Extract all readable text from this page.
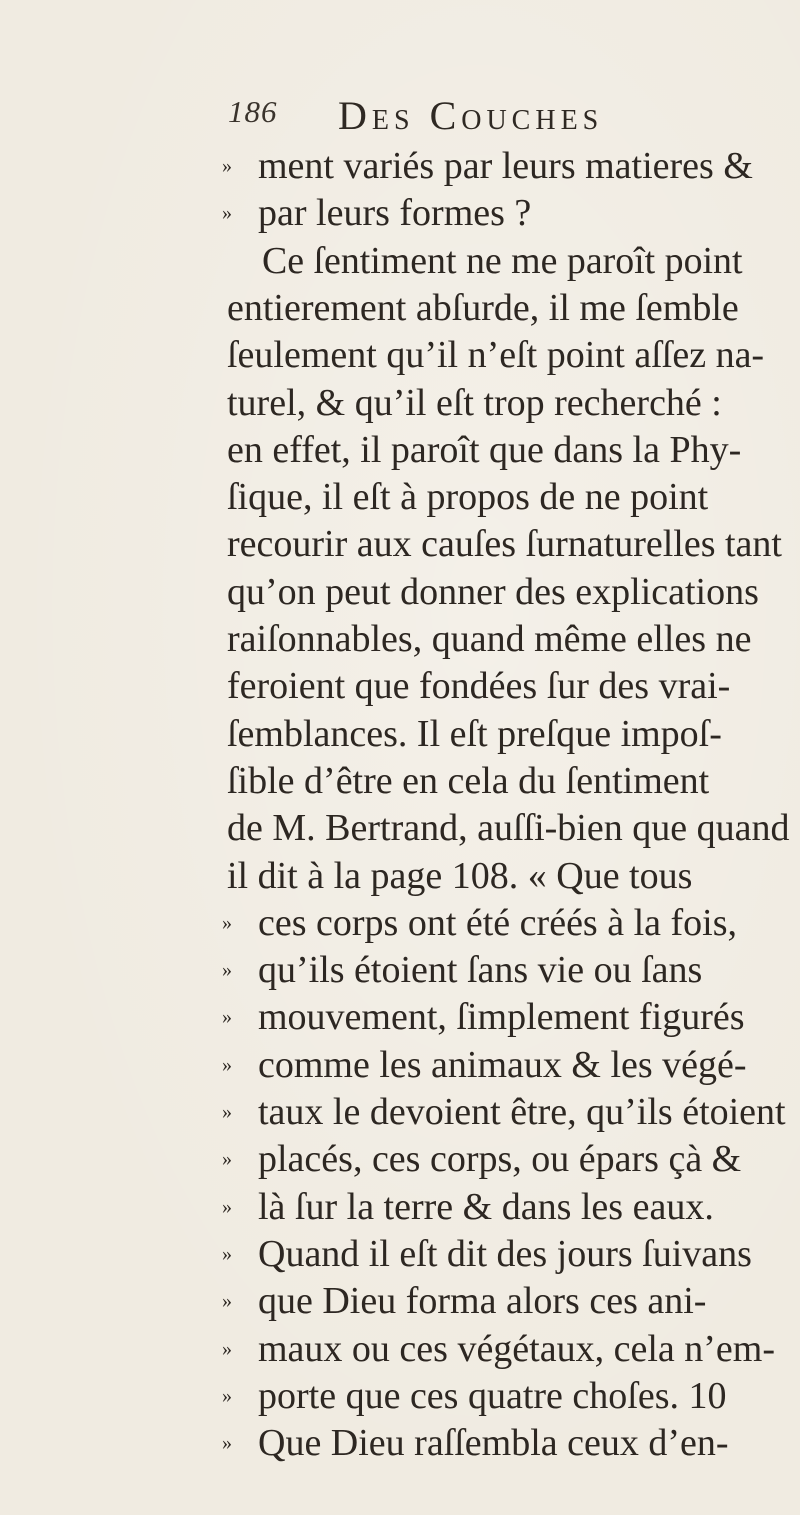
186 Des Couches
» ment variés par leurs matieres &
» par leurs formes ?
Ce ſentiment ne me paroît point
entierement abſurde, il me ſemble
ſeulement qu’il n’eſt point aſſez na-
turel, & qu’il eſt trop recherché :
en effet, il paroît que dans la Phy-
ſique, il eſt à propos de ne point
recourir aux cauſes ſurnaturelles tant
qu’on peut donner des explications
raiſonnables, quand même elles ne
feroient que fondées ſur des vrai-
ſemblances. Il eſt preſque impoſ-
ſible d’être en cela du ſentiment
de M. Bertrand, auſſi-bien que quand
il dit à la page 108. « Que tous
» ces corps ont été créés à la fois,
» qu’ils étoient ſans vie ou ſans
» mouvement, ſimplement figurés
» comme les animaux & les végé-
» taux le devoient être, qu’ils étoient
» placés, ces corps, ou épars çà &
» là ſur la terre & dans les eaux.
» Quand il eſt dit des jours ſuivans
» que Dieu forma alors ces ani-
» maux ou ces végétaux, cela n’em-
» porte que ces quatre choſes. 10
» Que Dieu raſſembla ceux d’en-
